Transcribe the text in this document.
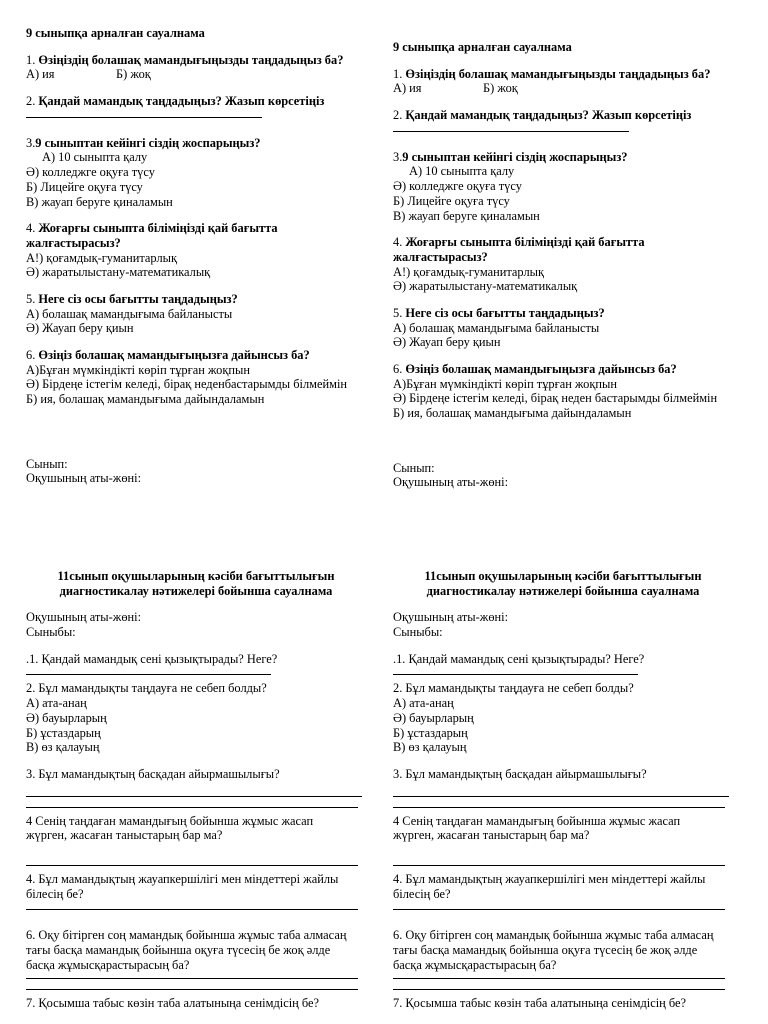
9 сыныпқа арналған сауалнама
1. Өзіңіздің болашақ мамандығыңызды таңдадыңыз ба?
А) ия	Б) жоқ
2. Қандай мамандық таңдадыңыз? Жазып көрсетіңіз
3.9 сыныптан кейінгі сіздің жоспарыңыз?
А) 10 сыныпта қалу
Ә) колледжге оқуға түсу
Б) Лицейге оқуға түсу
В) жауап беруге қиналамын
4. Жоғарғы сыныпта біліміңізді қай бағытта
жалғастырасыз?
А!) қоғамдық-гуманитарлық
Ә) жаратылыстану-математикалық
5. Неге сіз осы бағытты таңдадыңыз?
А) болашақ мамандығыма байланысты
Ә) Жауап беру қиын
6. Өзіңіз болашақ мамандығыңызға дайынсыз ба?
А)Бұған мүмкіндікті көріп тұрған жоқпын
Ә) Бірдеңе істегім келеді, бірақ неденбастарымды білмеймін
Б) ия, болашақ мамандығыма дайындаламын
Сынып:
Оқушының аты-жөні:
9 сыныпқа арналған сауалнама
1. Өзіңіздің болашақ мамандығыңызды таңдадыңыз ба?
А) ия	Б) жоқ
2. Қандай мамандық таңдадыңыз? Жазып көрсетіңіз
3.9 сыныптан кейінгі сіздің жоспарыңыз?
А) 10 сыныпта қалу
Ә) колледжге оқуға түсу
Б) Лицейге оқуға түсу
В) жауап беруге қиналамын
4. Жоғарғы сыныпта біліміңізді қай бағытта
жалғастырасыз?
А!) қоғамдық-гуманитарлық
Ә) жаратылыстану-математикалық
5. Неге сіз осы бағытты таңдадыңыз?
А) болашақ мамандығыма байланысты
Ә) Жауап беру қиын
6. Өзіңіз болашақ мамандығыңызға дайынсыз ба?
А)Бұған мүмкіндікті көріп тұрған жоқпын
Ә) Бірдеңе істегім келеді, бірақ неден бастарымды білмеймін
Б) ия, болашақ мамандығыма дайындаламын
Сынып:
Оқушының аты-жөні:
11сынып оқушыларының кәсіби бағыттылығын
диагностикалау нәтижелері бойынша сауалнама
Оқушының аты-жөні:
Сыныбы:
.1. Қандай мамандық сені қызықтырады? Неге?
2. Бұл мамандықты таңдауға не себеп болды?
А) ата-анаң
Ә) бауырларың
Б) ұстаздарың
В) өз қалауың
3. Бұл мамандықтың басқадан айырмашылығы?
4 Сенің таңдаған мамандығың бойынша жұмыс жасап
жүрген, жасаған таныстарың бар ма?
4. Бұл мамандықтың жауапкершілігі мен міндеттері жайлы
білесің бе?
6. Оқу бітірген соң мамандық бойынша жұмыс таба алмасаң
тағы басқа мамандық бойынша оқуға түсесің бе жоқ әлде
басқа жұмысқарастырасың ба?
7. Қосымша табыс көзін таба алатыныңа сенімдісің бе?
11сынып оқушыларының кәсіби бағыттылығын
диагностикалау нәтижелері бойынша сауалнама
Оқушының аты-жөні:
Сыныбы:
.1. Қандай мамандық сені қызықтырады? Неге?
2. Бұл мамандықты таңдауға не себеп болды?
А) ата-анаң
Ә) бауырларың
Б) ұстаздарың
В) өз қалауың
3. Бұл мамандықтың басқадан айырмашылығы?
4 Сенің таңдаған мамандығың бойынша жұмыс жасап
жүрген, жасаған таныстарың бар ма?
4. Бұл мамандықтың жауапкершілігі мен міндеттері жайлы
білесің бе?
6. Оқу бітірген соң мамандық бойынша жұмыс таба алмасаң
тағы басқа мамандық бойынша оқуға түсесің бе жоқ әлде
басқа жұмысқарастырасың ба?
7. Қосымша табыс көзін таба алатыныңа сенімдісің бе?
